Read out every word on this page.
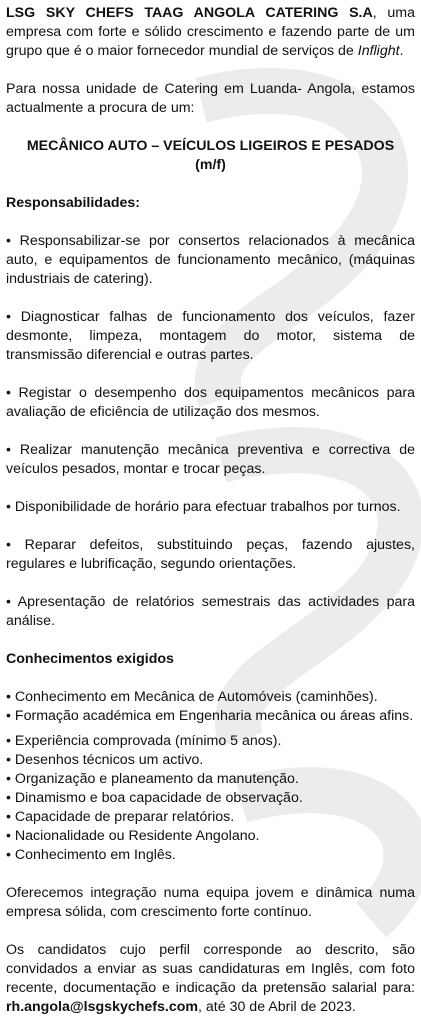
LSG SKY CHEFS TAAG ANGOLA CATERING S.A, uma empresa com forte e sólido crescimento e fazendo parte de um grupo que é o maior fornecedor mundial de serviços de Inflight.

Para nossa unidade de Catering em Luanda- Angola, estamos actualmente a procura de um:

MECÂNICO AUTO – VEÍCULOS LIGEIROS E PESADOS

(m/f)

Responsabilidades:

• Responsabilizar-se por consertos relacionados à mecânica auto, e equipamentos de funcionamento mecânico, (máquinas industriais de catering).

• Diagnosticar falhas de funcionamento dos veículos, fazer desmonte, limpeza, montagem do motor, sistema de transmissão diferencial e outras partes.

• Registar o desempenho dos equipamentos mecânicos para avaliação de eficiência de utilização dos mesmos.

• Realizar manutenção mecânica preventiva e correctiva de veículos pesados, montar e trocar peças.

• Disponibilidade de horário para efectuar trabalhos por turnos.

• Reparar defeitos, substituindo peças, fazendo ajustes, regulares e lubrificação, segundo orientações.

• Apresentação de relatórios semestrais das actividades para análise.

Conhecimentos exigidos

• Conhecimento em Mecânica de Automóveis (caminhões).
• Formação académica em Engenharia mecânica ou áreas afins.
• Experiência comprovada (mínimo 5 anos).
• Desenhos técnicos um activo.
• Organização e planeamento da manutenção.
• Dinamismo e boa capacidade de observação.
• Capacidade de preparar relatórios.
• Nacionalidade ou Residente Angolano.
• Conhecimento em Inglês.

Oferecemos integração numa equipa jovem e dinâmica numa empresa sólida, com crescimento forte contínuo.

Os candidatos cujo perfil corresponde ao descrito, são convidados a enviar as suas candidaturas em Inglês, com foto recente, documentação e indicação da pretensão salarial para: rh.angola@lsgskychefs.com, até 30 de Abril de 2023.
